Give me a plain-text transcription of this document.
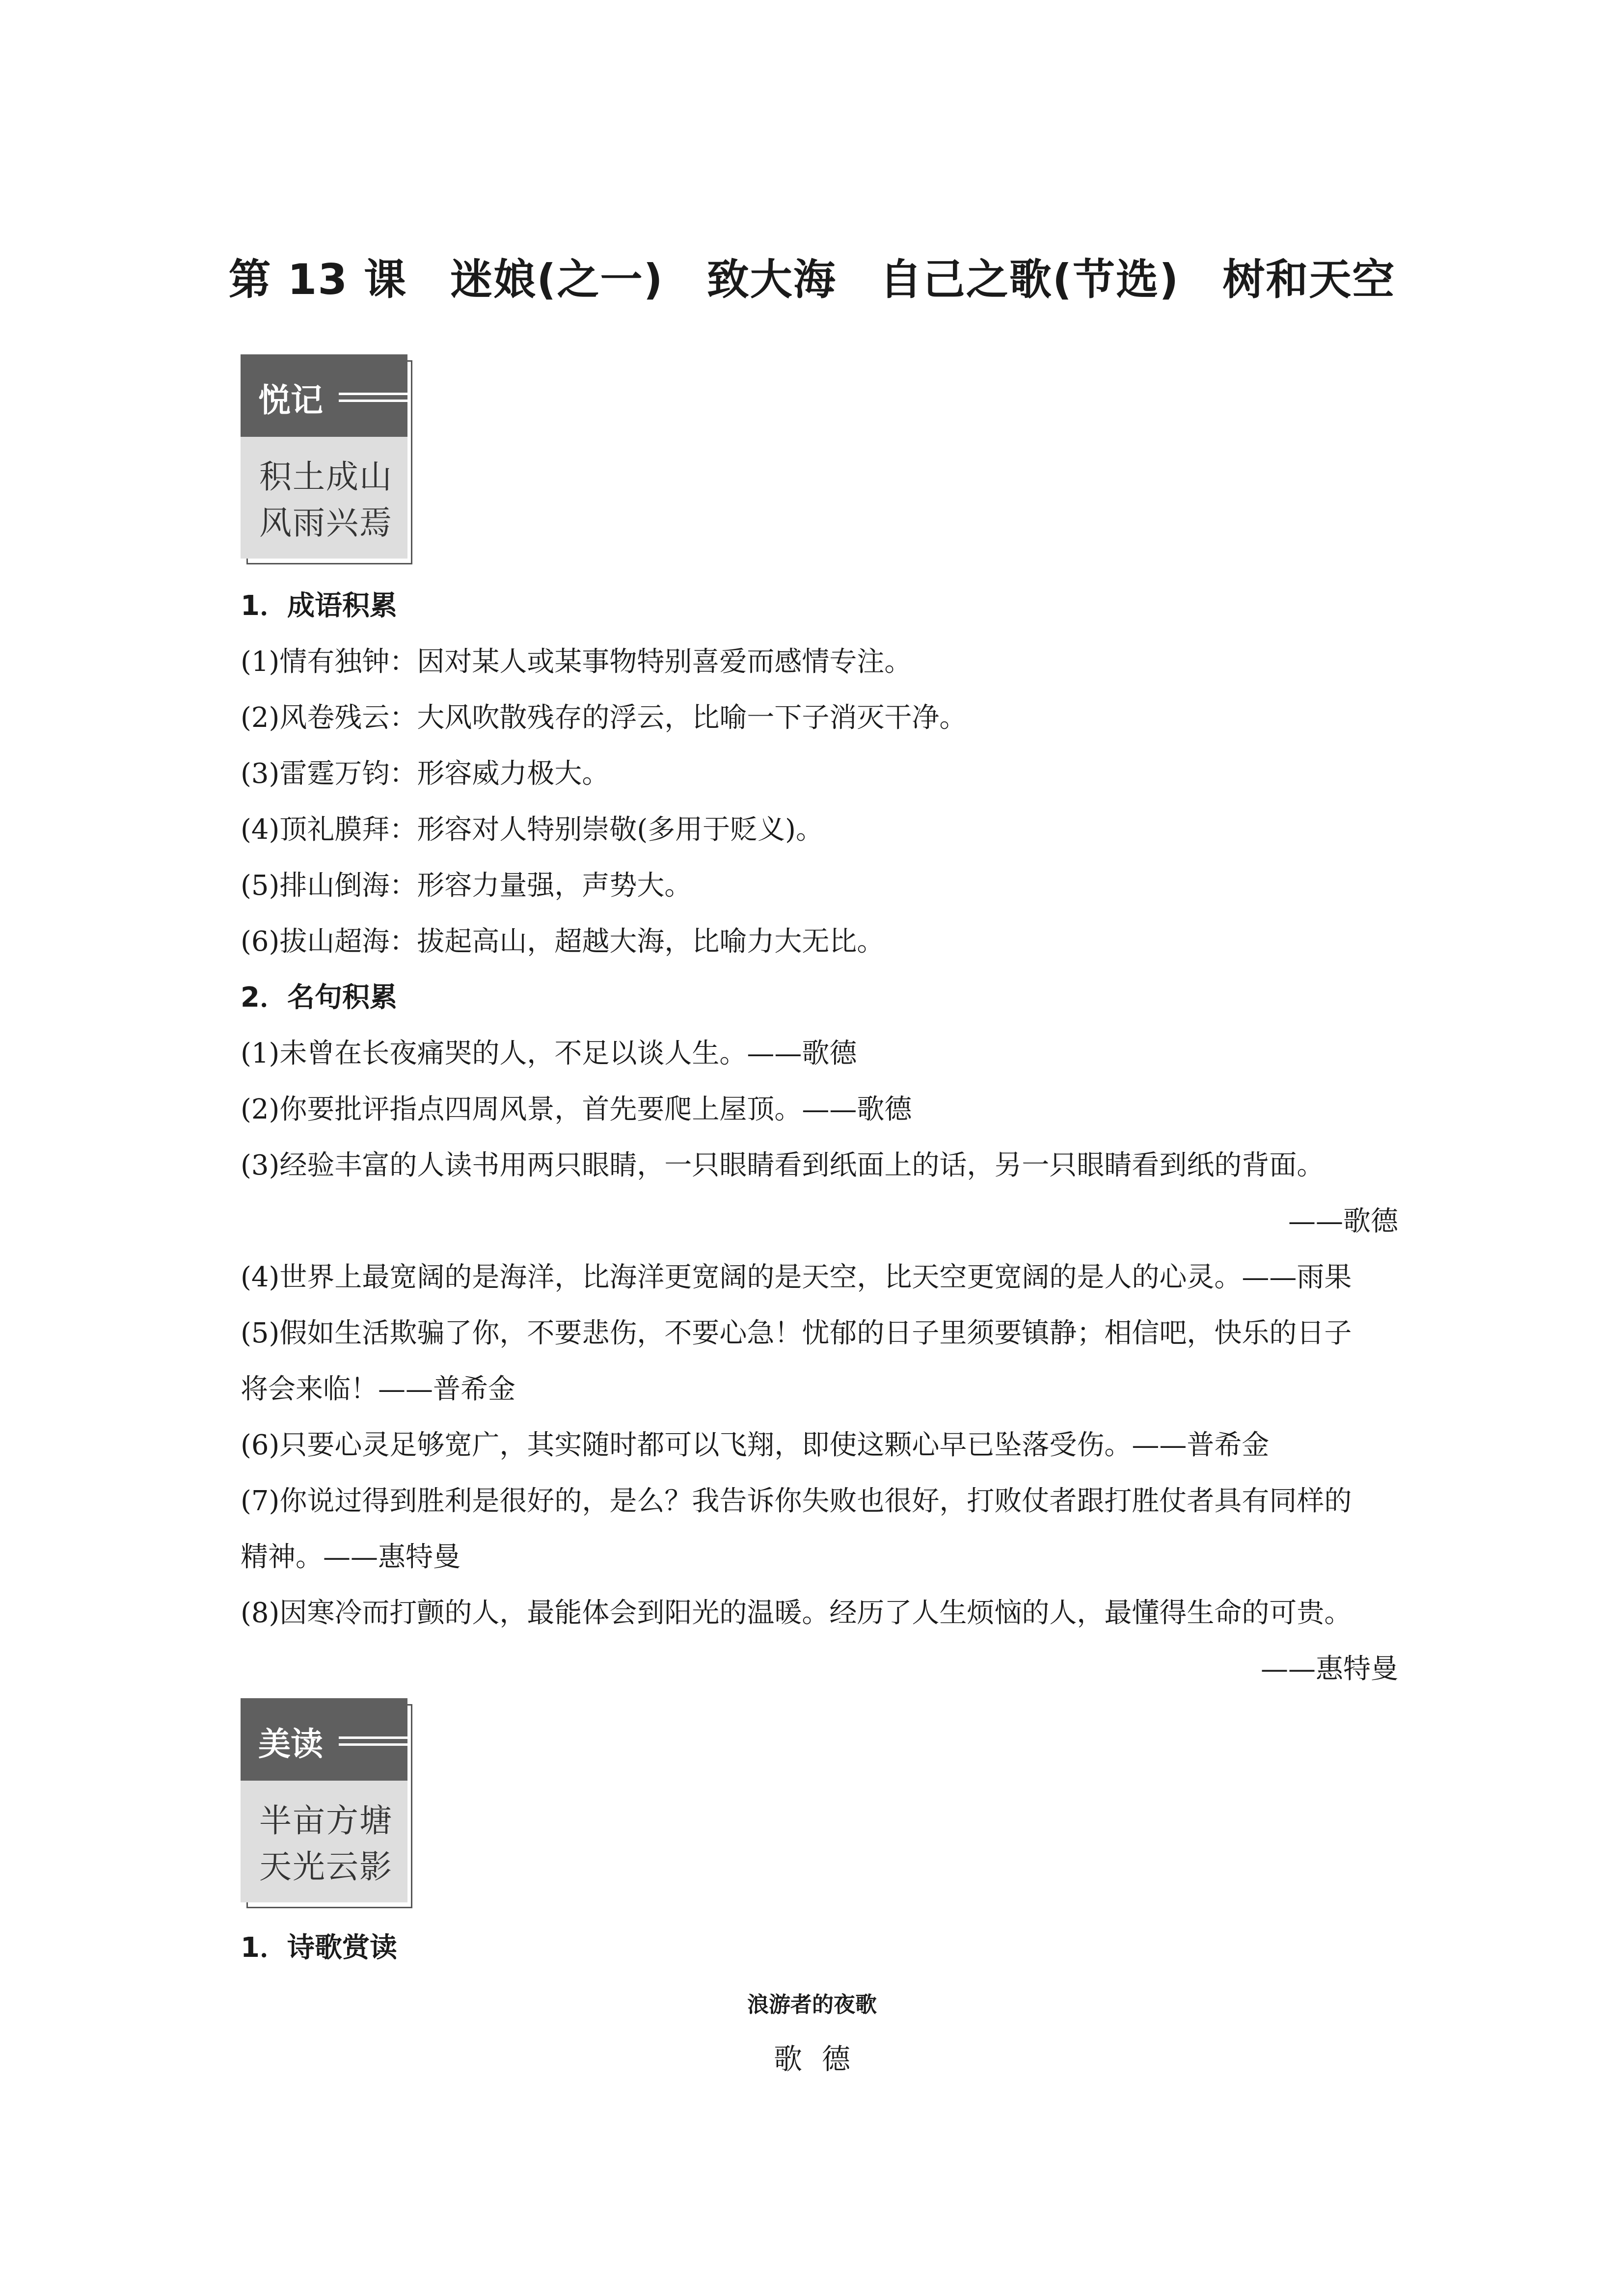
第 13 课　迷娘(之一)　致大海　自己之歌(节选)　树和天空
悦记
积土成山
风雨兴焉
1．成语积累
(1)情有独钟：因对某人或某事物特别喜爱而感情专注。
(2)风卷残云：大风吹散残存的浮云，比喻一下子消灭干净。
(3)雷霆万钧：形容威力极大。
(4)顶礼膜拜：形容对人特别崇敬(多用于贬义)。
(5)排山倒海：形容力量强，声势大。
(6)拔山超海：拔起高山，超越大海，比喻力大无比。
2．名句积累
(1)未曾在长夜痛哭的人，不足以谈人生。——歌德
(2)你要批评指点四周风景，首先要爬上屋顶。——歌德
(3)经验丰富的人读书用两只眼睛，一只眼睛看到纸面上的话，另一只眼睛看到纸的背面。
——歌德
(4)世界上最宽阔的是海洋，比海洋更宽阔的是天空，比天空更宽阔的是人的心灵。——雨果
(5)假如生活欺骗了你，不要悲伤，不要心急！忧郁的日子里须要镇静；相信吧，快乐的日子
将会来临！——普希金
(6)只要心灵足够宽广，其实随时都可以飞翔，即使这颗心早已坠落受伤。——普希金
(7)你说过得到胜利是很好的，是么？我告诉你失败也很好，打败仗者跟打胜仗者具有同样的
精神。——惠特曼
(8)因寒冷而打颤的人，最能体会到阳光的温暖。经历了人生烦恼的人，最懂得生命的可贵。
——惠特曼
美读
半亩方塘
天光云影
1．诗歌赏读
浪游者的夜歌
歌德
